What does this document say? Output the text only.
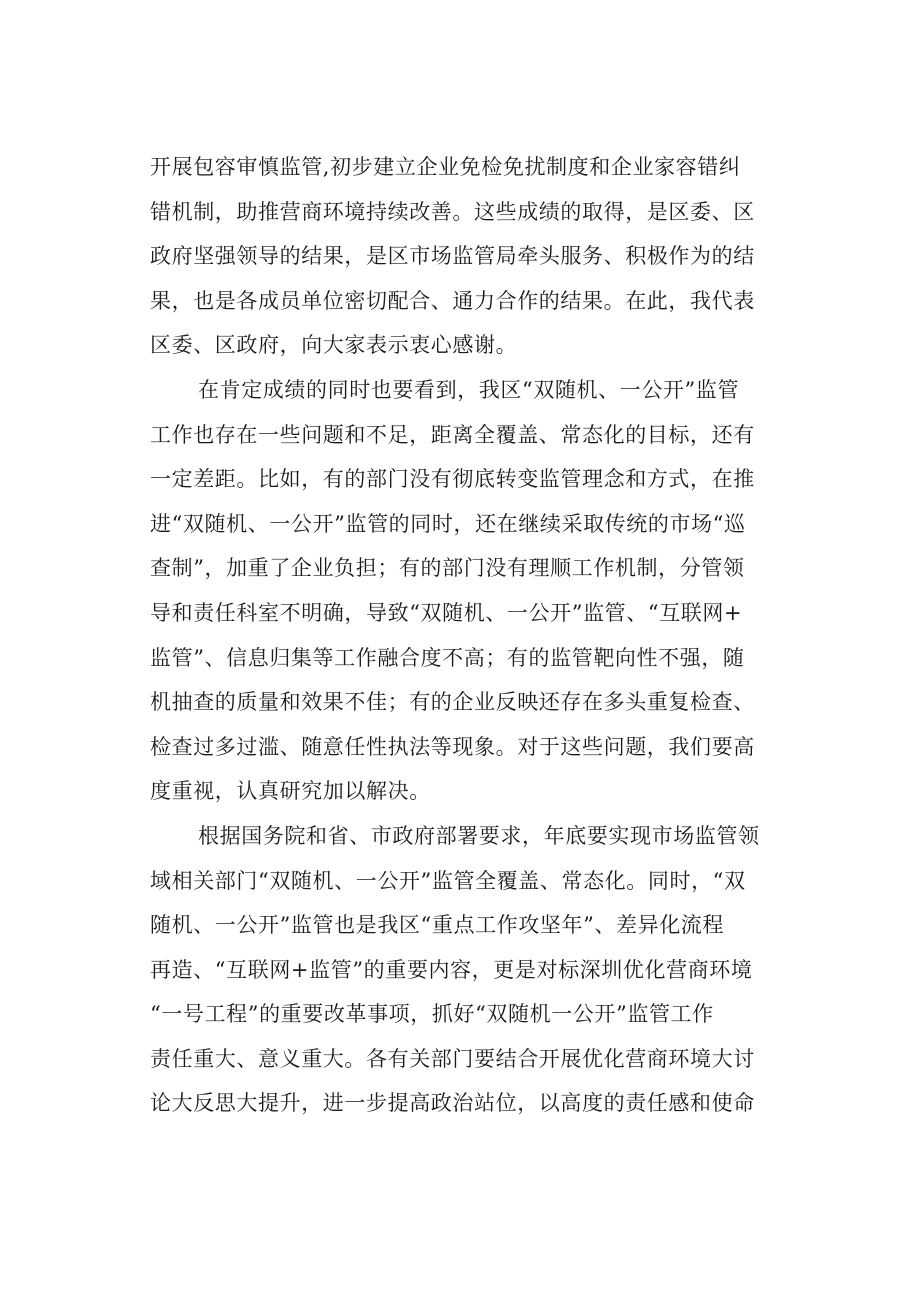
开展包容审慎监管,初步建立企业免检免扰制度和企业家容错纠
错机制，助推营商环境持续改善。这些成绩的取得，是区委、区
政府坚强领导的结果，是区市场监管局牵头服务、积极作为的结
果，也是各成员单位密切配合、通力合作的结果。在此，我代表
区委、区政府，向大家表示衷心感谢。
在肯定成绩的同时也要看到，我区“双随机、一公开”监管
工作也存在一些问题和不足，距离全覆盖、常态化的目标，还有
一定差距。比如，有的部门没有彻底转变监管理念和方式，在推
进“双随机、一公开”监管的同时，还在继续采取传统的市场“巡
查制”，加重了企业负担；有的部门没有理顺工作机制，分管领
导和责任科室不明确，导致“双随机、一公开”监管、“互联网+
监管”、信息归集等工作融合度不高；有的监管靶向性不强，随
机抽查的质量和效果不佳；有的企业反映还存在多头重复检查、
检查过多过滥、随意任性执法等现象。对于这些问题，我们要高
度重视，认真研究加以解决。
根据国务院和省、市政府部署要求，年底要实现市场监管领
域相关部门“双随机、一公开”监管全覆盖、常态化。同时，“双
随机、一公开”监管也是我区“重点工作攻坚年”、差异化流程
再造、“互联网+监管”的重要内容，更是对标深圳优化营商环境
“一号工程”的重要改革事项，抓好“双随机一公开”监管工作
责任重大、意义重大。各有关部门要结合开展优化营商环境大讨
论大反思大提升，进一步提高政治站位，以高度的责任感和使命
